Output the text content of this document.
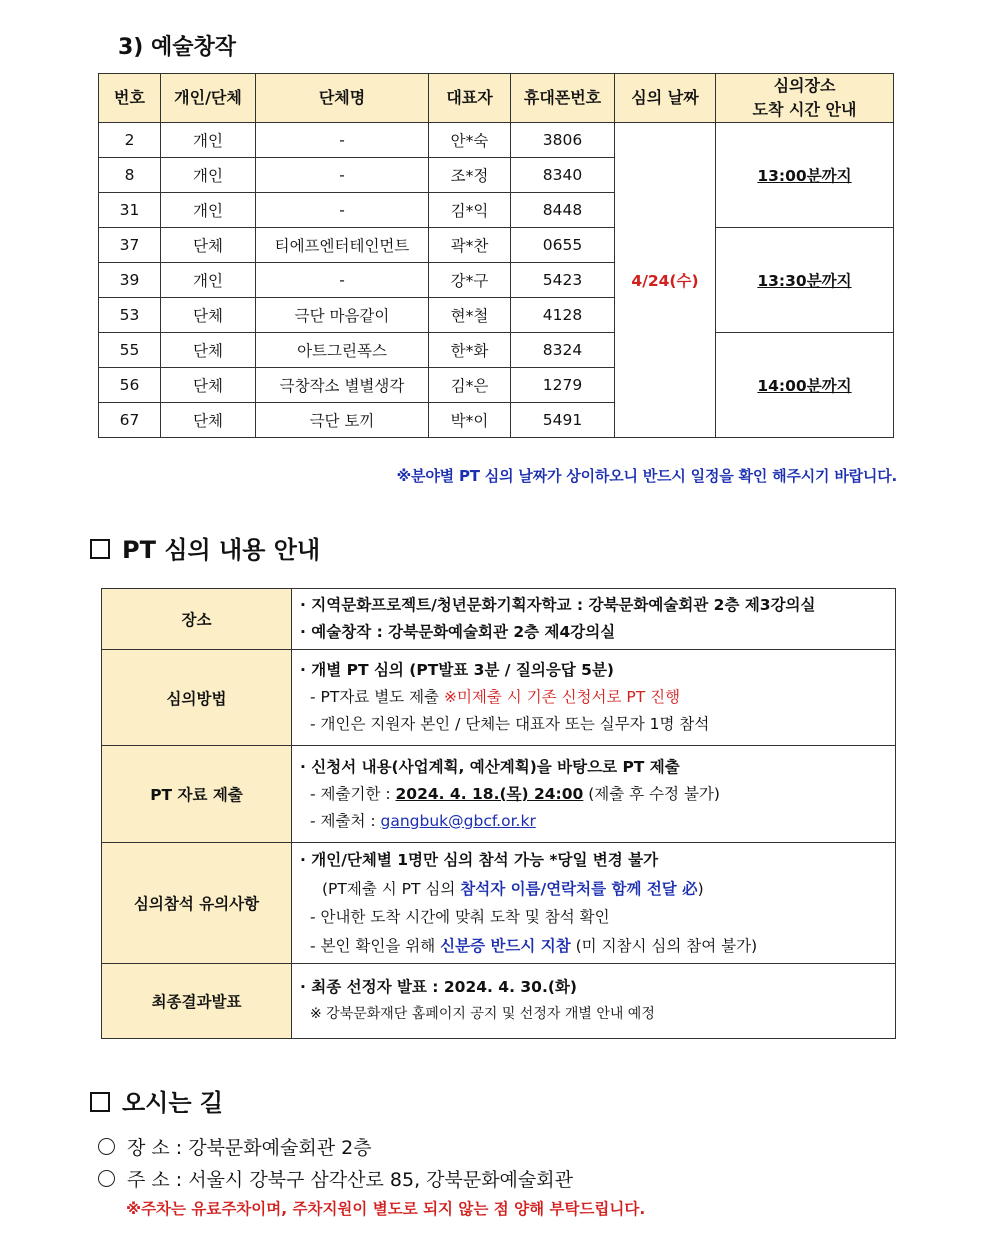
3) 예술창작
번호	개인/단체	단체명	대표자	휴대폰번호	심의 날짜	심의장소
도착 시간 안내
2	개인	-	안*숙	3806	4/24(수)	13:00분까지
8	개인	-	조*정	8340		
31	개인	-	김*익	8448		
37	단체	티에프엔터테인먼트	곽*찬	0655		13:30분까지
39	개인	-	강*구	5423		
53	단체	극단 마음같이	현*철	4128		
55	단체	아트그린폭스	한*화	8324		14:00분까지
56	단체	극창작소 별별생각	김*은	1279		
67	단체	극단 토끼	박*이	5491		
※분야별 PT 심의 날짜가 상이하오니 반드시 일정을 확인 해주시기 바랍니다.
PT 심의 내용 안내
장소	· 지역문화프로젝트/청년문화기획자학교 : 강북문화예술회관 2층 제3강의실
· 예술창작 : 강북문화예술회관 2층 제4강의실

심의방법	· 개별 PT 심의 (PT발표 3분 / 질의응답 5분)
- PT자료 별도 제출 ※미제출 시 기존 신청서로 PT 진행
- 개인은 지원자 본인 / 단체는 대표자 또는 실무자 1명 참석

PT 자료 제출	· 신청서 내용(사업계획, 예산계획)을 바탕으로 PT 제출
- 제출기한 : 2024. 4. 18.(목) 24:00 (제출 후 수정 불가)
- 제출처 : gangbuk@gbcf.or.kr

심의참석 유의사항	· 개인/단체별 1명만 심의 참석 가능 *당일 변경 불가
(PT제출 시 PT 심의 참석자 이름/연락처를 함께 전달 必)
- 안내한 도착 시간에 맞춰 도착 및 참석 확인
- 본인 확인을 위해 신분증 반드시 지참 (미 지참시 심의 참여 불가)

최종결과발표	· 최종 선정자 발표 : 2024. 4. 30.(화)
※ 강북문화재단 홈페이지 공지 및 선정자 개별 안내 예정
오시는 길
장 소 : 강북문화예술회관 2층
주 소 : 서울시 강북구 삼각산로 85, 강북문화예술회관
※주차는 유료주차이며, 주차지원이 별도로 되지 않는 점 양해 부탁드립니다.
